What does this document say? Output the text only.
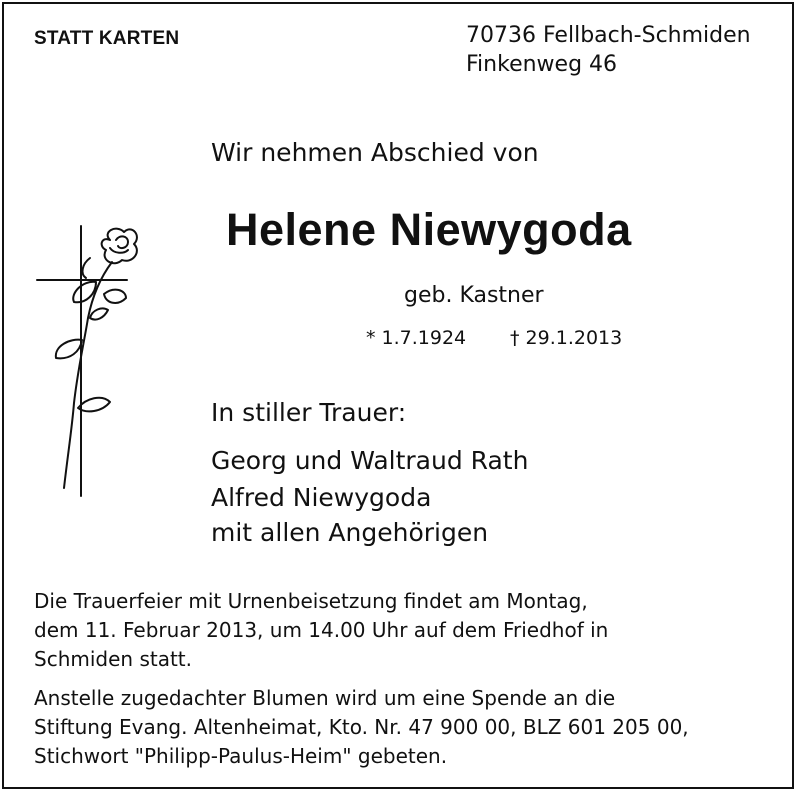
STATT KARTEN	70736 Fellbach-Schmiden
Finkenweg 46
Wir nehmen Abschied von
Helene Niewygoda
geb. Kastner
* 1.7.1924 † 29.1.2013
In stiller Trauer:
Georg und Waltraud Rath
Alfred Niewygoda
mit allen Angehörigen
Die Trauerfeier mit Urnenbeisetzung findet am Montag,
dem 11. Februar 2013, um 14.00 Uhr auf dem Friedhof in
Schmiden statt.
Anstelle zugedachter Blumen wird um eine Spende an die
Stiftung Evang. Altenheimat, Kto. Nr. 47 900 00, BLZ 601 205 00,
Stichwort "Philipp-Paulus-Heim" gebeten.
